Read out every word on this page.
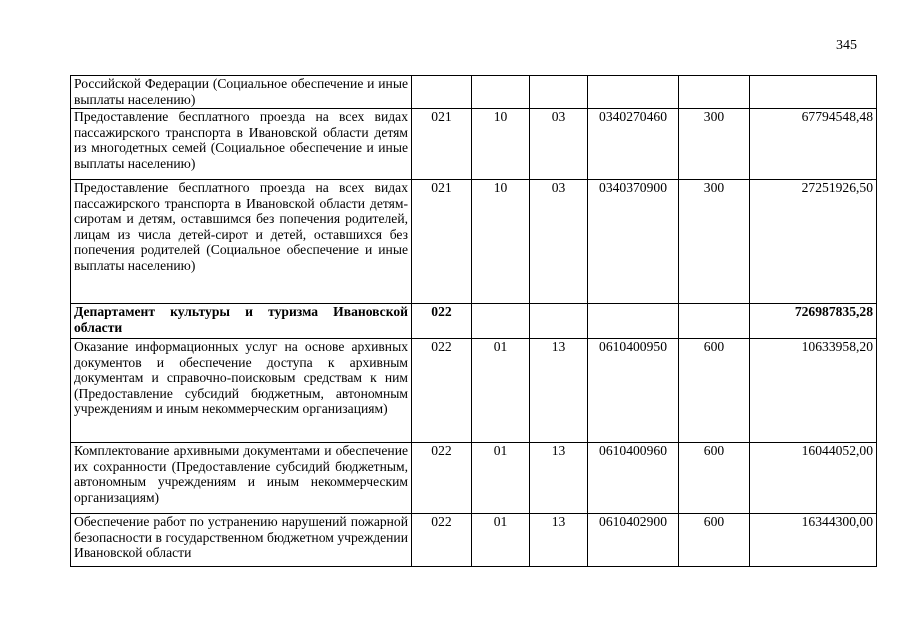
345
Российской Федерации (Социальное обеспечение и иные выплаты населению)						
Предоставление бесплатного проезда на всех видах пассажирского транспорта в Ивановской области детям из многодетных семей (Социальное обеспечение и иные выплаты населению)	021	10	03	0340270460	300	67794548,48
Предоставление бесплатного проезда на всех видах пассажирского транспорта в Ивановской области детям-сиротам и детям, оставшимся без попечения родителей, лицам из числа детей-сирот и детей, оставшихся без попечения родителей (Социальное обеспечение и иные выплаты населению)	021	10	03	0340370900	300	27251926,50
Департамент культуры и туризма Ивановской области	022					726987835,28
Оказание информационных услуг на основе архивных документов и обеспечение доступа к архивным документам и справочно-поисковым средствам к ним (Предоставление субсидий бюджетным, автономным учреждениям и иным некоммерческим организациям)	022	01	13	0610400950	600	10633958,20
Комплектование архивными документами и обеспечение их сохранности (Предоставление субсидий бюджетным, автономным учреждениям и иным некоммерческим организациям)	022	01	13	0610400960	600	16044052,00

Обеспечение работ по устранению нарушений пожарной безопасности в государственном бюджетном учреждении Ивановской области	022	01	13	0610402900	600	16344300,00
